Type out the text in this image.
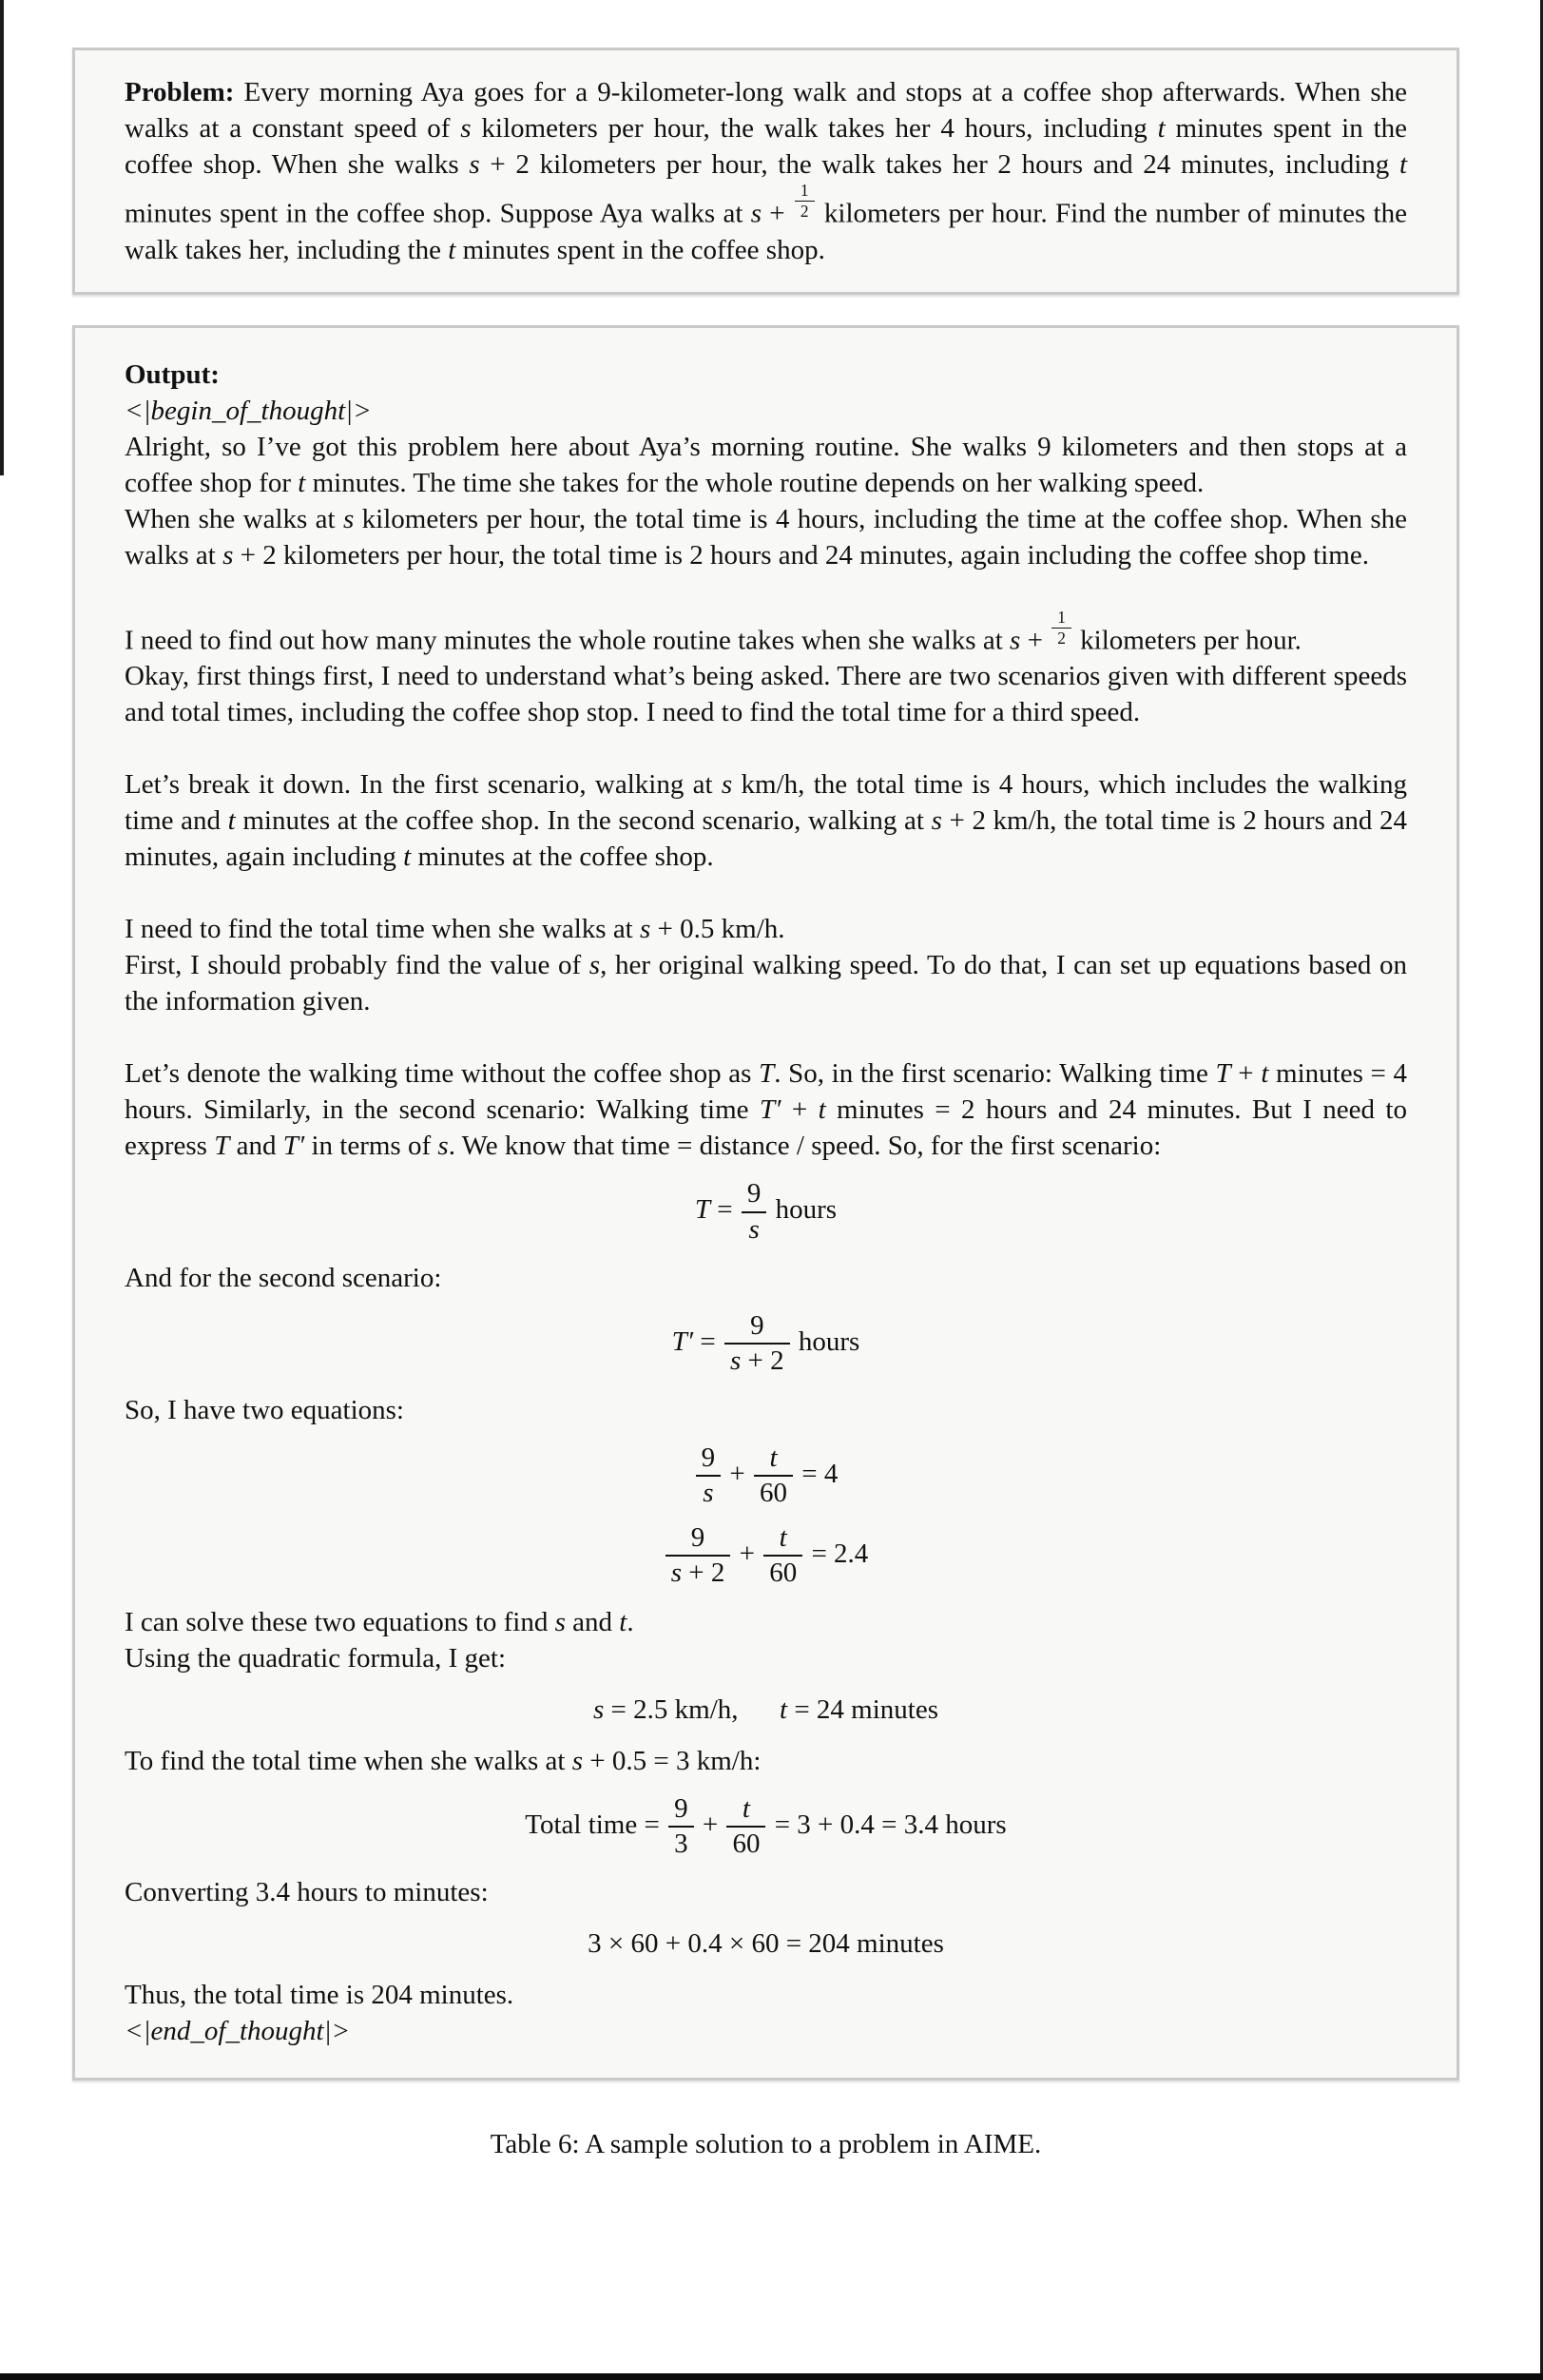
Problem: Every morning Aya goes for a 9-kilometer-long walk and stops at a coffee shop afterwards. When she walks at a constant speed of s kilometers per hour, the walk takes her 4 hours, including t minutes spent in the coffee shop. When she walks s + 2 kilometers per hour, the walk takes her 2 hours and 24 minutes, including t minutes spent in the coffee shop. Suppose Aya walks at $s + \frac{1}{2}$ kilometers per hour. Find the number of minutes the walk takes her, including the t minutes spent in the coffee shop.

Output:
<|begin_of_thought|>
Alright, so I’ve got this problem here about Aya’s morning routine. She walks 9 kilometers and then stops at a coffee shop for t minutes. The time she takes for the whole routine depends on her walking speed.
When she walks at s kilometers per hour, the total time is 4 hours, including the time at the coffee shop. When she walks at s + 2 kilometers per hour, the total time is 2 hours and 24 minutes, again including the coffee shop time.
I need to find out how many minutes the whole routine takes when she walks at $s + \frac{1}{2}$ kilometers per hour.
Okay, first things first, I need to understand what’s being asked. There are two scenarios given with different speeds and total times, including the coffee shop stop. I need to find the total time for a third speed.
Let’s break it down. In the first scenario, walking at s km/h, the total time is 4 hours, which includes the walking time and t minutes at the coffee shop. In the second scenario, walking at s + 2 km/h, the total time is 2 hours and 24 minutes, again including t minutes at the coffee shop.
I need to find the total time when she walks at s + 0.5 km/h.
First, I should probably find the value of s, her original walking speed. To do that, I can set up equations based on the information given.
Let’s denote the walking time without the coffee shop as T. So, in the first scenario: Walking time T + t minutes = 4 hours. Similarly, in the second scenario: Walking time T′ + t minutes = 2 hours and 24 minutes. But I need to express T and T′ in terms of s. We know that time = distance / speed. So, for the first scenario:
$T = \frac{9}{s}$ hours
And for the second scenario:
$T' = \frac{9}{s + 2}$ hours
So, I have two equations:
$\frac{9}{s} + \frac{t}{60} = 4$
$\frac{9}{s + 2} + \frac{t}{60} = 2.4$
I can solve these two equations to find s and t.
Using the quadratic formula, I get:
s = 2.5 km/h,  t = 24 minutes
To find the total time when she walks at s + 0.5 = 3 km/h:
Total time = $\frac{9}{3} + \frac{t}{60} = 3 + 0.4 = 3.4$ hours
Converting 3.4 hours to minutes:
3 × 60 + 0.4 × 60 = 204 minutes
Thus, the total time is 204 minutes.
<|end_of_thought|>
Table 6: A sample solution to a problem in AIME.
